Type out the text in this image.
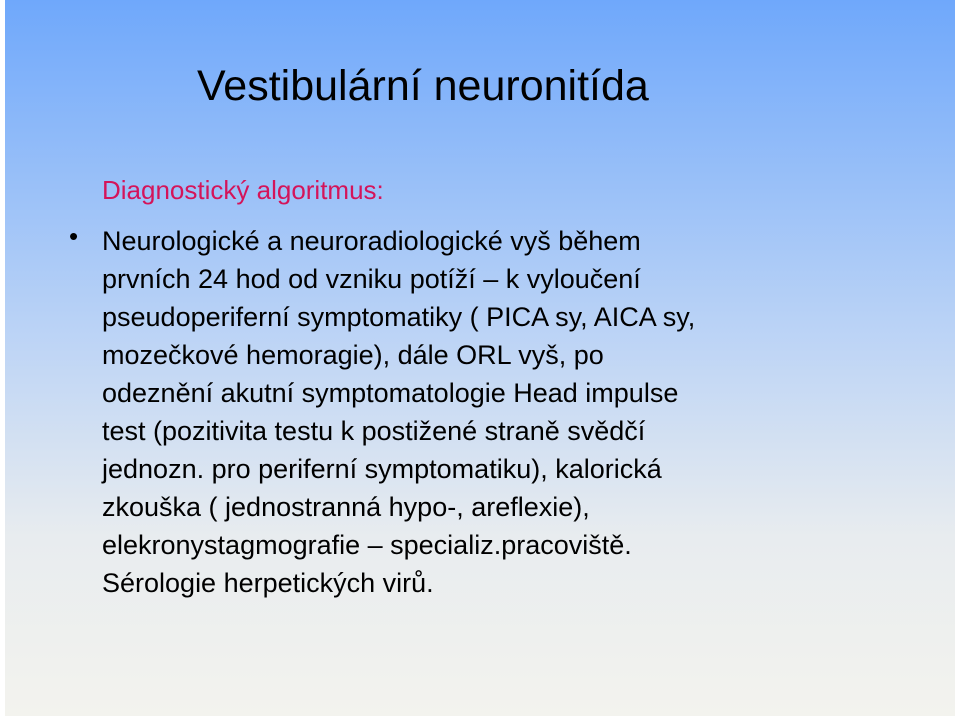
Vestibulární neuronitída
Diagnostický algoritmus:
• Neurologické a neuroradiologické vyš během
prvních 24 hod od vzniku potíží – k vyloučení
pseudoperiferní symptomatiky ( PICA sy, AICA sy,
mozečkové hemoragie), dále ORL vyš, po
odeznění akutní symptomatologie Head impulse
test (pozitivita testu k postižené straně svědčí
jednozn. pro periferní symptomatiku), kalorická
zkouška ( jednostranná hypo-, areflexie),
elekronystagmografie – specializ.pracoviště.
Sérologie herpetických virů.
